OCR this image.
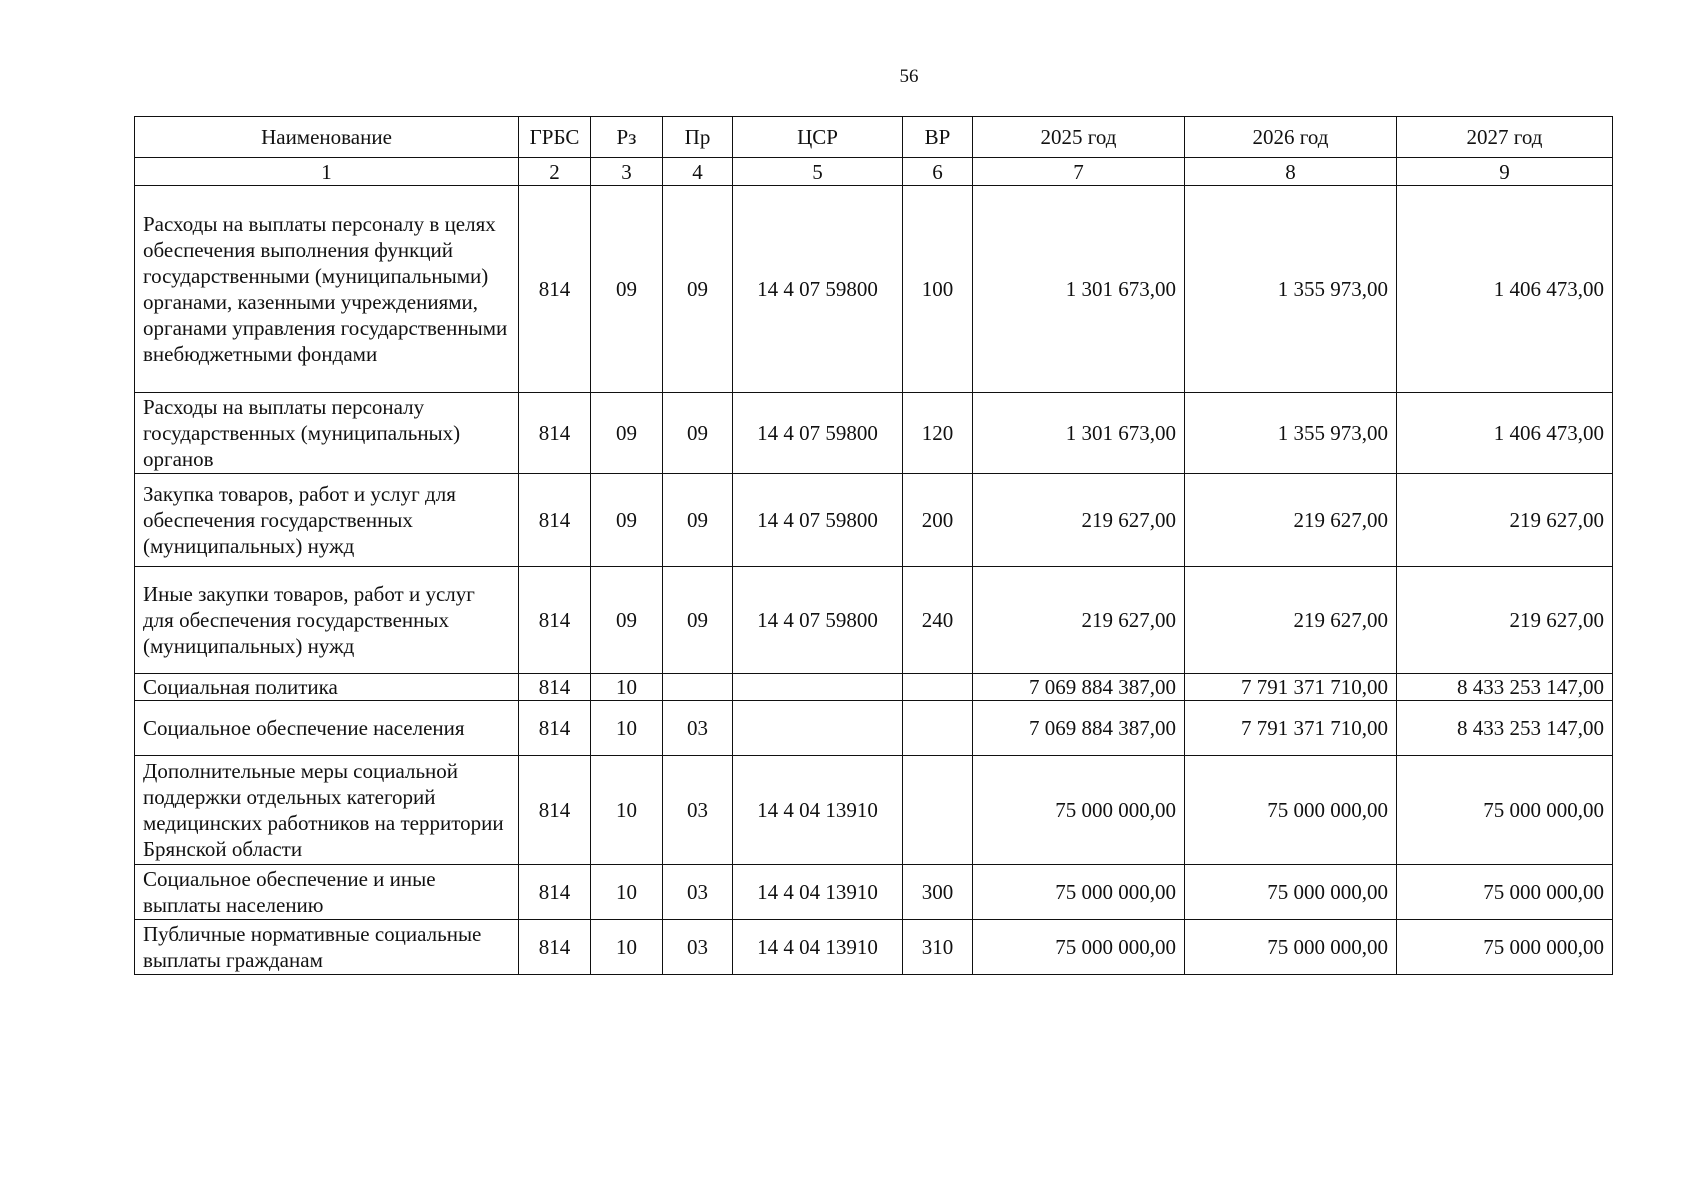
56
Наименование	ГРБС	Рз	Пр	ЦСР	ВР	2025 год	2026 год	2027 год
1	2	3	4	5	6	7	8	9
Расходы на выплаты персоналу в целях обеспечения выполнения функций государственными (муниципальными) органами, казенными учреждениями, органами управления государственными внебюджетными фондами	814	09	09	14 4 07 59800	100	1 301 673,00	1 355 973,00	1 406 473,00
Расходы на выплаты персоналу государственных (муниципальных) органов	814	09	09	14 4 07 59800	120	1 301 673,00	1 355 973,00	1 406 473,00
Закупка товаров, работ и услуг для обеспечения государственных (муниципальных) нужд	814	09	09	14 4 07 59800	200	219 627,00	219 627,00	219 627,00
Иные закупки товаров, работ и услуг для обеспечения государственных (муниципальных) нужд	814	09	09	14 4 07 59800	240	219 627,00	219 627,00	219 627,00
Социальная политика	814	10				7 069 884 387,00	7 791 371 710,00	8 433 253 147,00
Социальное обеспечение населения	814	10	03			7 069 884 387,00	7 791 371 710,00	8 433 253 147,00
Дополнительные меры социальной поддержки отдельных категорий медицинских работников на территории Брянской области	814	10	03	14 4 04 13910		75 000 000,00	75 000 000,00	75 000 000,00
Социальное обеспечение и иные выплаты населению	814	10	03	14 4 04 13910	300	75 000 000,00	75 000 000,00	75 000 000,00
Публичные нормативные социальные выплаты гражданам	814	10	03	14 4 04 13910	310	75 000 000,00	75 000 000,00	75 000 000,00
